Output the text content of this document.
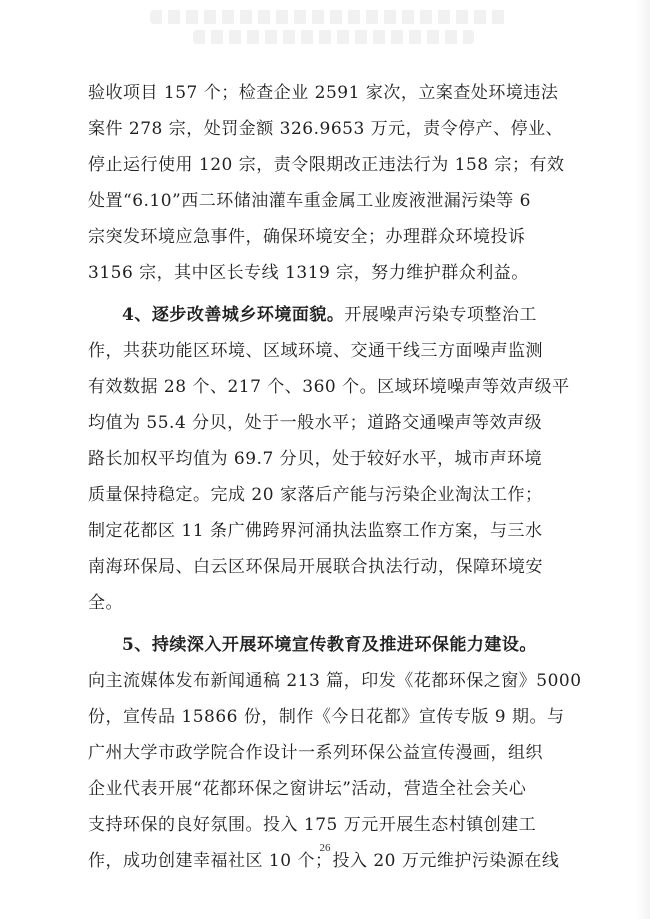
验收项目 157 个；检查企业 2591 家次，立案查处环境违法
案件 278 宗，处罚金额 326.9653 万元，责令停产、停业、
停止运行使用 120 宗，责令限期改正违法行为 158 宗；有效
处置“6.10”西二环储油灌车重金属工业废液泄漏污染等 6
宗突发环境应急事件，确保环境安全；办理群众环境投诉
3156 宗，其中区长专线 1319 宗，努力维护群众利益。

4、逐步改善城乡环境面貌。开展噪声污染专项整治工
作，共获功能区环境、区域环境、交通干线三方面噪声监测
有效数据 28 个、217 个、360 个。区域环境噪声等效声级平
均值为 55.4 分贝，处于一般水平；道路交通噪声等效声级
路长加权平均值为 69.7 分贝，处于较好水平，城市声环境
质量保持稳定。完成 20 家落后产能与污染企业淘汰工作；
制定花都区 11 条广佛跨界河涌执法监察工作方案，与三水
南海环保局、白云区环保局开展联合执法行动，保障环境安
全。

5、持续深入开展环境宣传教育及推进环保能力建设。
向主流媒体发布新闻通稿 213 篇，印发《花都环保之窗》5000
份，宣传品 15866 份，制作《今日花都》宣传专版 9 期。与
广州大学市政学院合作设计一系列环保公益宣传漫画，组织
企业代表开展“花都环保之窗讲坛”活动，营造全社会关心
支持环保的良好氛围。投入 175 万元开展生态村镇创建工
作，成功创建幸福社区 10 个；投入 20 万元维护污染源在线

26
